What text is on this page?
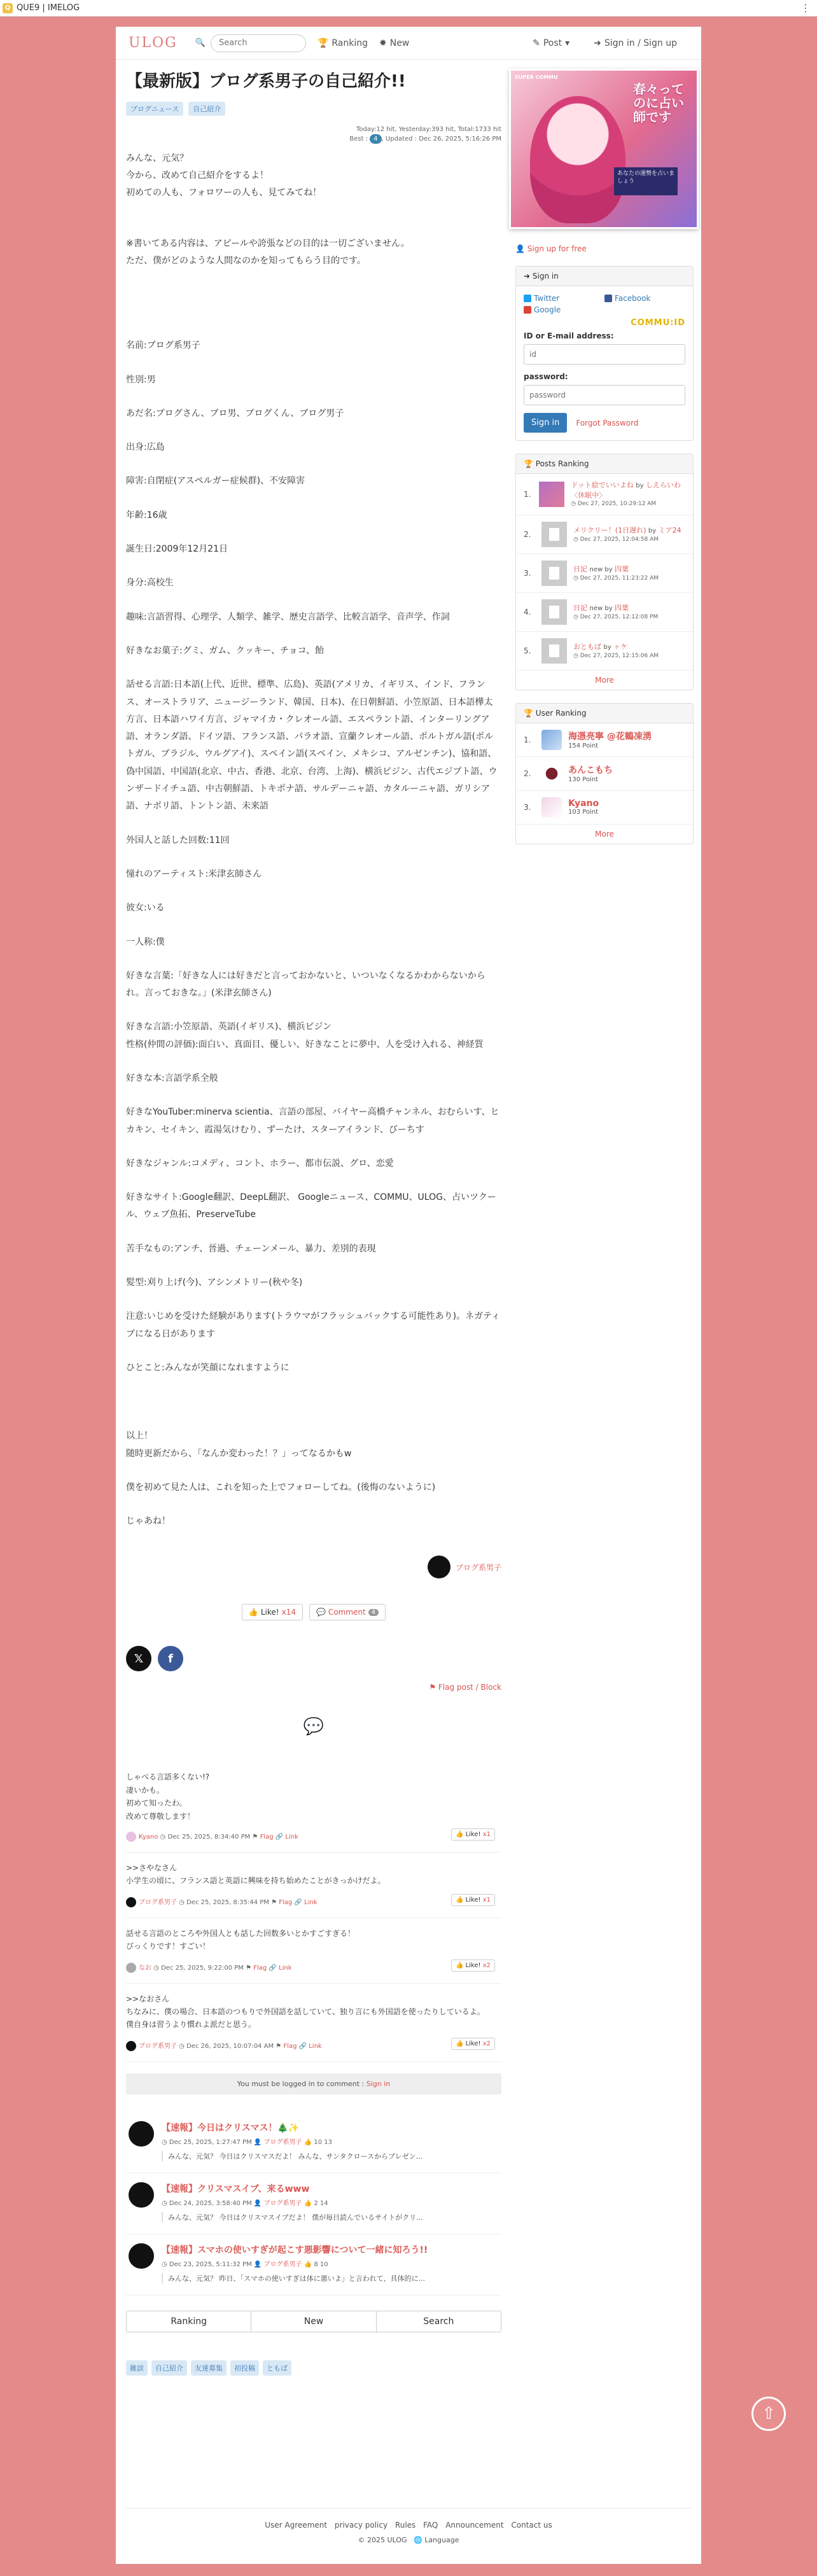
Q QUE9 | IMELOG	⋮
ULOG 🔍
Search	🏆 Ranking ✸ New	✎ Post ▾	➜ Sign in / Sign up
【最新版】ブログ系男子の自己紹介!!
ブログニュース	自己紹介
Today:12 hit, Yesterday:393 hit, Total:1733 hit
Best : 4 , Updated : Dec 26, 2025, 5:16:26 PM

みんな、元気？

今から、改めて自己紹介をするよ！

初めての人も、フォロワーの人も、見てみてね！

※書いてある内容は、アピールや誇張などの目的は一切ございません。

ただ、僕がどのような人間なのかを知ってもらう目的です。

名前:ブログ系男子

性別:男

あだ名:ブログさん、ブロ男、ブログくん、ブログ男子

出身:広島

障害:自閉症(アスペルガー症候群)、不安障害

年齢:16歳

誕生日:2009年12月21日

身分:高校生

趣味:言語習得、心理学、人類学、雑学、歴史言語学、比較言語学、音声学、作詞

好きなお菓子:グミ、ガム、クッキー、チョコ、飴

話せる言語:日本語(上代、近世、標準、広島)、英語(アメリカ、イギリス、インド、フランス、オーストラリア、ニュージーランド、韓国、日本)、在日朝鮮語、小笠原語、日本語樺太方言、日本語ハワイ方言、ジャマイカ・クレオール語、エスペラント語、インターリングア語、オランダ語、ドイツ語、フランス語、パラオ語、宣蘭クレオール語、ポルトガル語(ポルトガル、ブラジル、ウルグアイ)、スペイン語(スペイン、メキシコ、アルゼンチン)、協和語、偽中国語、中国語(北京、中古、香港、北京、台湾、上海)、横浜ピジン、古代エジプト語、ウンザードイチュ語、中古朝鮮語、トキポナ語、サルデーニャ語、カタルーニャ語、ガリシア語、ナポリ語、トントン語、未来語

外国人と話した回数:11回

憧れのアーティスト:米津玄師さん

彼女:いる

一人称:僕

好きな言葉:「好きな人には好きだと言っておかないと、いついなくなるかわからないかられ。言っておきな。」(米津玄師さん)

好きな言語:小笠原語、英語(イギリス)、横浜ピジン

性格(仲間の評価):面白い、真面目、優しい、好きなことに夢中、人を受け入れる、神経質

好きな本:言語学系全般

好きなYouTuber:minerva scientia、言語の部屋、バイヤー高橋チャンネル、おむらいす、ヒカキン、セイキン、霞湯気けむり、ずーたけ、スターアイランド、びーちす

好きなジャンル:コメディ、コント、ホラー、都市伝説、グロ、恋愛

好きなサイト:Google翻訳、DeepL翻訳、 Googleニュース、COMMU、ULOG、占いツクール、ウェブ魚拓、PreserveTube

苦手なもの:アンチ、晉過、チェーンメール、暴力、差別的表現

髪型:刈り上げ(今)、アシンメトリー(秋や冬)

注意:いじめを受けた経験があります(トラウマがフラッシュバックする可能性あり)。ネガティブになる日があります

ひとこと:みんなが笑顔になれますように

以上！

随時更新だから、「なんか変わった！？」ってなるかもw

僕を初めて見た人は、これを知った上でフォローしてね。(後悔のないように)

じゃあね！

ブログ系男子
👍 Like! x14	💬 Comment 4
𝕏	f
⚑ Flag post / Block
💬
しゃべる言語多くない!?
凄いかも。
初めて知ったわ。
改めて尊敬します！
Kyano ◷ Dec 25, 2025, 8:34:40 PM ⚑ Flag 🔗 Link	👍 Like! x1
>>さやなさん
小学生の頃に、フランス語と英語に興味を持ち始めたことがきっかけだよ。
ブログ系男子 ◷ Dec 25, 2025, 8:35:44 PM ⚑ Flag 🔗 Link	👍 Like! x1
話せる言語のところや外国人とも話した回数多いとかすごすぎる！
びっくりです！すごい！
なお ◷ Dec 25, 2025, 9:22:00 PM ⚑ Flag 🔗 Link	👍 Like! x2
>>なおさん
ちなみに、僕の場合、日本語のつもりで外国語を話していて、独り言にも外国語を使ったりしているよ。
僕自身は習うより慣れよ派だと思う。
ブログ系男子 ◷ Dec 26, 2025, 10:07:04 AM ⚑ Flag 🔗 Link	👍 Like! x2
You must be logged in to comment : Sign in
【速報】今日はクリスマス！🎄✨
◷ Dec 25, 2025, 1:27:47 PM 👤 ブログ系男子 👍 10 13
みんな、元気？ 今日はクリスマスだよ！ みんな、サンタクロースからプレゼン...
【速報】クリスマスイブ、来るwww
◷ Dec 24, 2025, 3:58:40 PM 👤 ブログ系男子 👍 2 14
みんな、元気？ 今日はクリスマスイブだよ！ 僕が毎日読んでいるサイトがクリ...
【速報】スマホの使いすぎが起こす悪影響について一緒に知ろう!!
◷ Dec 23, 2025, 5:11:32 PM 👤 ブログ系男子 👍 8 10
みんな、元気？ 昨日、「スマホの使いすぎは体に悪いよ」と言われて、具体的に...
Ranking	New	Search
雑談	自己紹介	友達募集	初投稿	ともば
SUPER COMMU
春々ってのに占い師です
あなたの運勢を占いましょう
👤 Sign up for free
➜ Sign in
Twitter	Facebook
Google
COMMU:ID
ID or E-mail address:
id
password:
Sign in	Forgot Password
🏆 Posts Ranking
1.
ドット絵でいいよね by しえらいわ〈休眠中〉
◷ Dec 27, 2025, 10:29:12 AM
2.	メリクリー！(1日遅れ) by ミア24
◷ Dec 27, 2025, 12:04:58 AM
3.	日記 new by 四葉
◷ Dec 27, 2025, 11:23:22 AM
4.	日記 new by 四葉
◷ Dec 27, 2025, 12:12:08 PM
5.	おともば by ヶケ
◷ Dec 27, 2025, 12:15:06 AM
More
🏆 User Ranking
1.	海憑亮寧 @花鶴凍湧
154 Point
2.	あんこもち
130 Point
3.	Kyano
103 Point
More
User Agreement privacy policy Rules FAQ Announcement Contact us
© 2025 ULOG 🌐 Language
⇧
